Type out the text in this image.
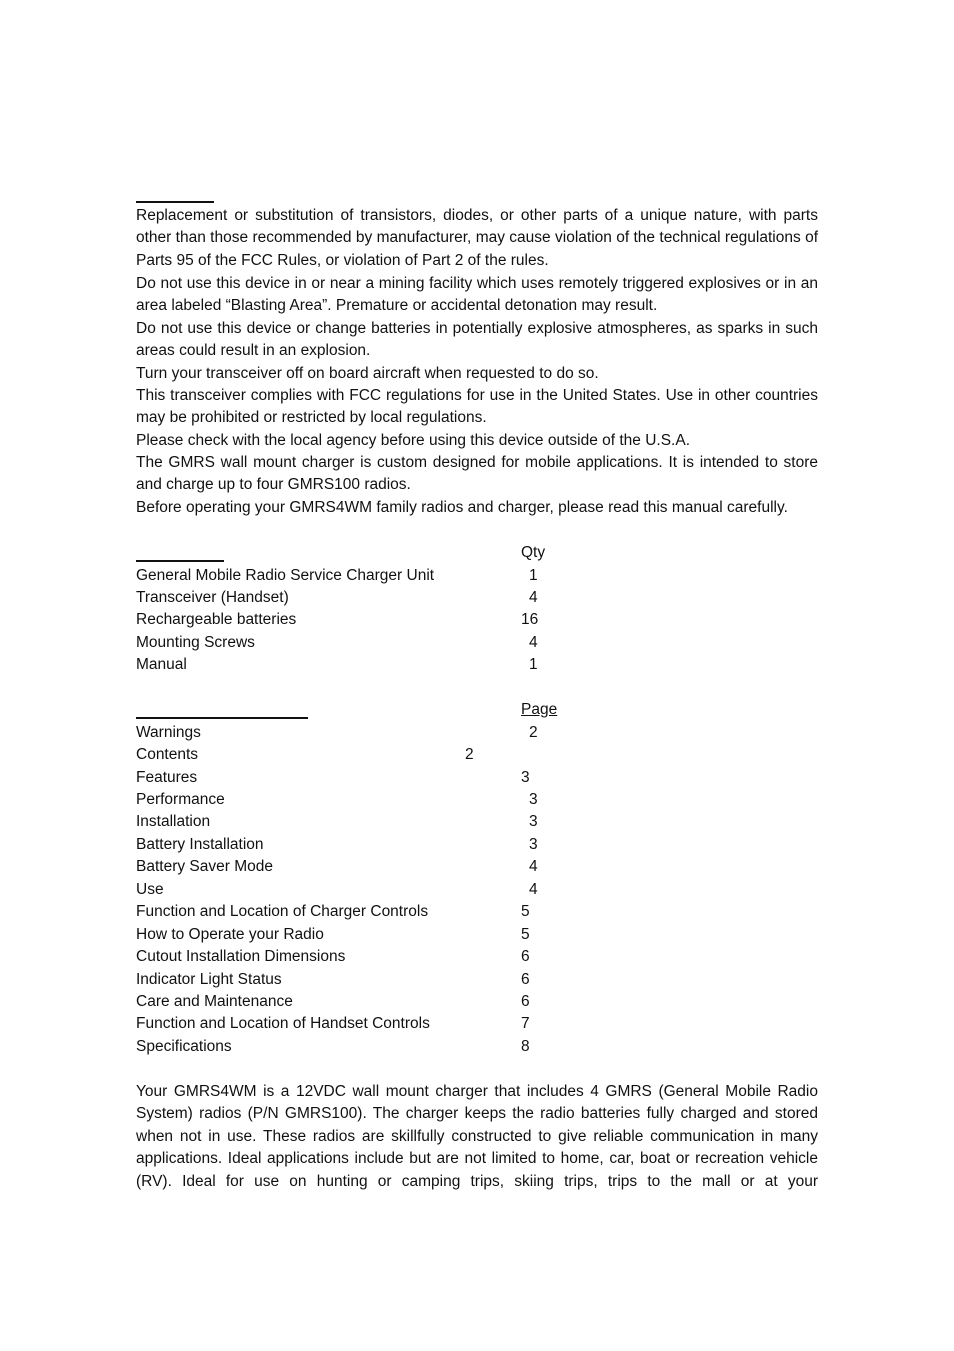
Replacement or substitution of transistors, diodes, or other parts of a unique nature, with parts other than those recommended by manufacturer, may cause violation of the technical regulations of Parts 95 of the FCC Rules, or violation of Part 2 of the rules.

Do not use this device in or near a mining facility which uses remotely triggered explosives or in an area labeled “Blasting Area”. Premature or accidental detonation may result.

Do not use this device or change batteries in potentially explosive atmospheres, as sparks in such areas could result in an explosion.

Turn your transceiver off on board aircraft when requested to do so.

This transceiver complies with FCC regulations for use in the United States. Use in other countries may be prohibited or restricted by local regulations.

Please check with the local agency before using this device outside of the U.S.A.

The GMRS wall mount charger is custom designed for mobile applications. It is intended to store and charge up to four GMRS100 radios.

Before operating your GMRS4WM family radios and charger, please read this manual carefully.

Qty
General Mobile Radio Service Charger Unit	1
Transceiver (Handset)	4
Rechargeable batteries	16
Mounting Screws	4
Manual	1
Page
Warnings	2
Contents	2
Features	3
Performance	3
Installation	3
Battery Installation	3
Battery Saver Mode	4
Use	4
Function and Location of Charger Controls	5
How to Operate your Radio	5
Cutout Installation Dimensions	6
Indicator Light Status	6
Care and Maintenance	6
Function and Location of Handset Controls	7
Specifications	8

Your GMRS4WM is a 12VDC wall mount charger that includes 4 GMRS (General Mobile Radio System) radios (P/N GMRS100). The charger keeps the radio batteries fully charged and stored when not in use. These radios are skillfully constructed to give reliable communication in many applications. Ideal applications include but are not limited to home, car, boat or recreation vehicle (RV). Ideal for use on hunting or camping trips, skiing trips, trips to the mall or at your
